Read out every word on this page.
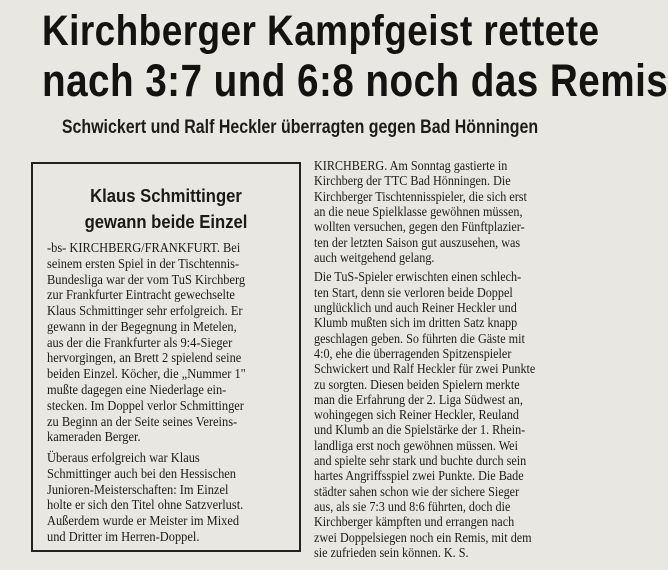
Kirchberger Kampfgeist rettete
nach 3:7 und 6:8 noch das Remis
Schwickert und Ralf Heckler überragten gegen Bad Hönningen
Klaus Schmittinger
gewann beide Einzel
-bs- KIRCHBERG/FRANKFURT. Bei
seinem ersten Spiel in der Tischtennis-
Bundesliga war der vom TuS Kirchberg
zur Frankfurter Eintracht gewechselte
Klaus Schmittinger sehr erfolgreich. Er
gewann in der Begegnung in Metelen,
aus der die Frankfurter als 9:4-Sieger
hervorgingen, an Brett 2 spielend seine
beiden Einzel. Köcher, die „Nummer 1"
mußte dagegen eine Niederlage ein-
stecken. Im Doppel verlor Schmittinger
zu Beginn an der Seite seines Vereins-
kameraden Berger.
Überaus erfolgreich war Klaus
Schmittinger auch bei den Hessischen
Junioren-Meisterschaften: Im Einzel
holte er sich den Titel ohne Satzverlust.
Außerdem wurde er Meister im Mixed
und Dritter im Herren-Doppel.
KIRCHBERG. Am Sonntag gastierte in
Kirchberg der TTC Bad Hönningen. Die
Kirchberger Tischtennisspieler, die sich erst
an die neue Spielklasse gewöhnen müssen,
wollten versuchen, gegen den Fünftplazier-
ten der letzten Saison gut auszusehen, was
auch weitgehend gelang.
Die TuS-Spieler erwischten einen schlech-
ten Start, denn sie verloren beide Doppel
unglücklich und auch Reiner Heckler und
Klumb mußten sich im dritten Satz knapp
geschlagen geben. So führten die Gäste mit
4:0, ehe die überragenden Spitzenspieler
Schwickert und Ralf Heckler für zwei Punkte
zu sorgten. Diesen beiden Spielern merkte
man die Erfahrung der 2. Liga Südwest an,
wohingegen sich Reiner Heckler, Reuland
und Klumb an die Spielstärke der 1. Rhein-
landliga erst noch gewöhnen müssen. Wei
and spielte sehr stark und buchte durch sein
hartes Angriffsspiel zwei Punkte. Die Bade
städter sahen schon wie der sichere Sieger
aus, als sie 7:3 und 8:6 führten, doch die
Kirchberger kämpften und errangen nach
zwei Doppelsiegen noch ein Remis, mit dem
sie zufrieden sein können. K. S.
